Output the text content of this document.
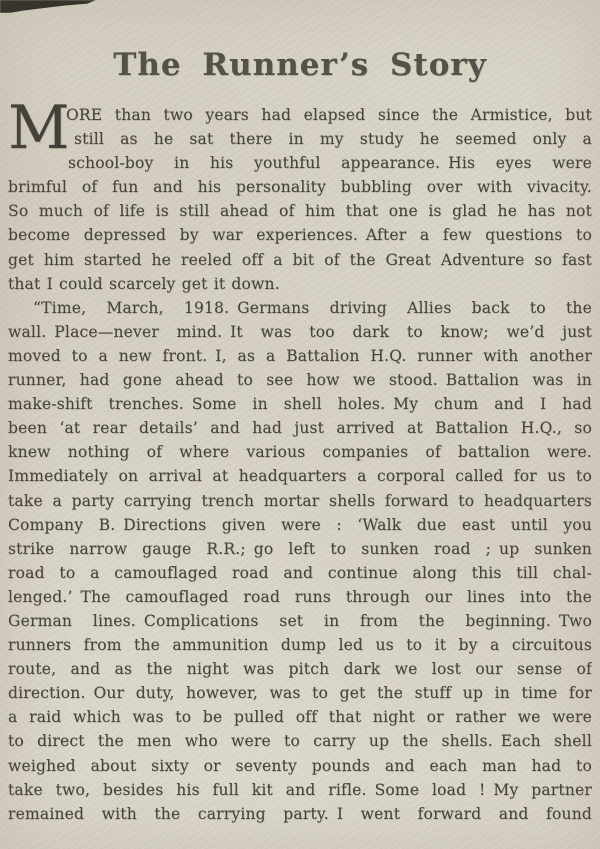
The Runner’s Story
M
ORE than two years had elapsed since the Armistice, but
still as he sat there in my study he seemed only a
school-boy in his youthful appearance. His eyes were
brimful of fun and his personality bubbling over with vivacity.
So much of life is still ahead of him that one is glad he has not
become depressed by war experiences. After a few questions to
get him started he reeled off a bit of the Great Adventure so fast
that I could scarcely get it down.
“Time, March, 1918. Germans driving Allies back to the
wall. Place—never mind. It was too dark to know; we’d just
moved to a new front. I, as a Battalion H.Q. runner with another
runner, had gone ahead to see how we stood. Battalion was in
make-shift trenches. Some in shell holes. My chum and I had
been ‘at rear details’ and had just arrived at Battalion H.Q., so
knew nothing of where various companies of battalion were.
Immediately on arrival at headquarters a corporal called for us to
take a party carrying trench mortar shells forward to headquarters
Company B. Directions given were : ‘Walk due east until you
strike narrow gauge R.R.; go left to sunken road ; up sunken
road to a camouflaged road and continue along this till chal-
lenged.’ The camouflaged road runs through our lines into the
German lines. Complications set in from the beginning. Two
runners from the ammunition dump led us to it by a circuitous
route, and as the night was pitch dark we lost our sense of
direction. Our duty, however, was to get the stuff up in time for
a raid which was to be pulled off that night or rather we were
to direct the men who were to carry up the shells. Each shell
weighed about sixty or seventy pounds and each man had to
take two, besides his full kit and rifle. Some load ! My partner
remained with the carrying party. I went forward and found
